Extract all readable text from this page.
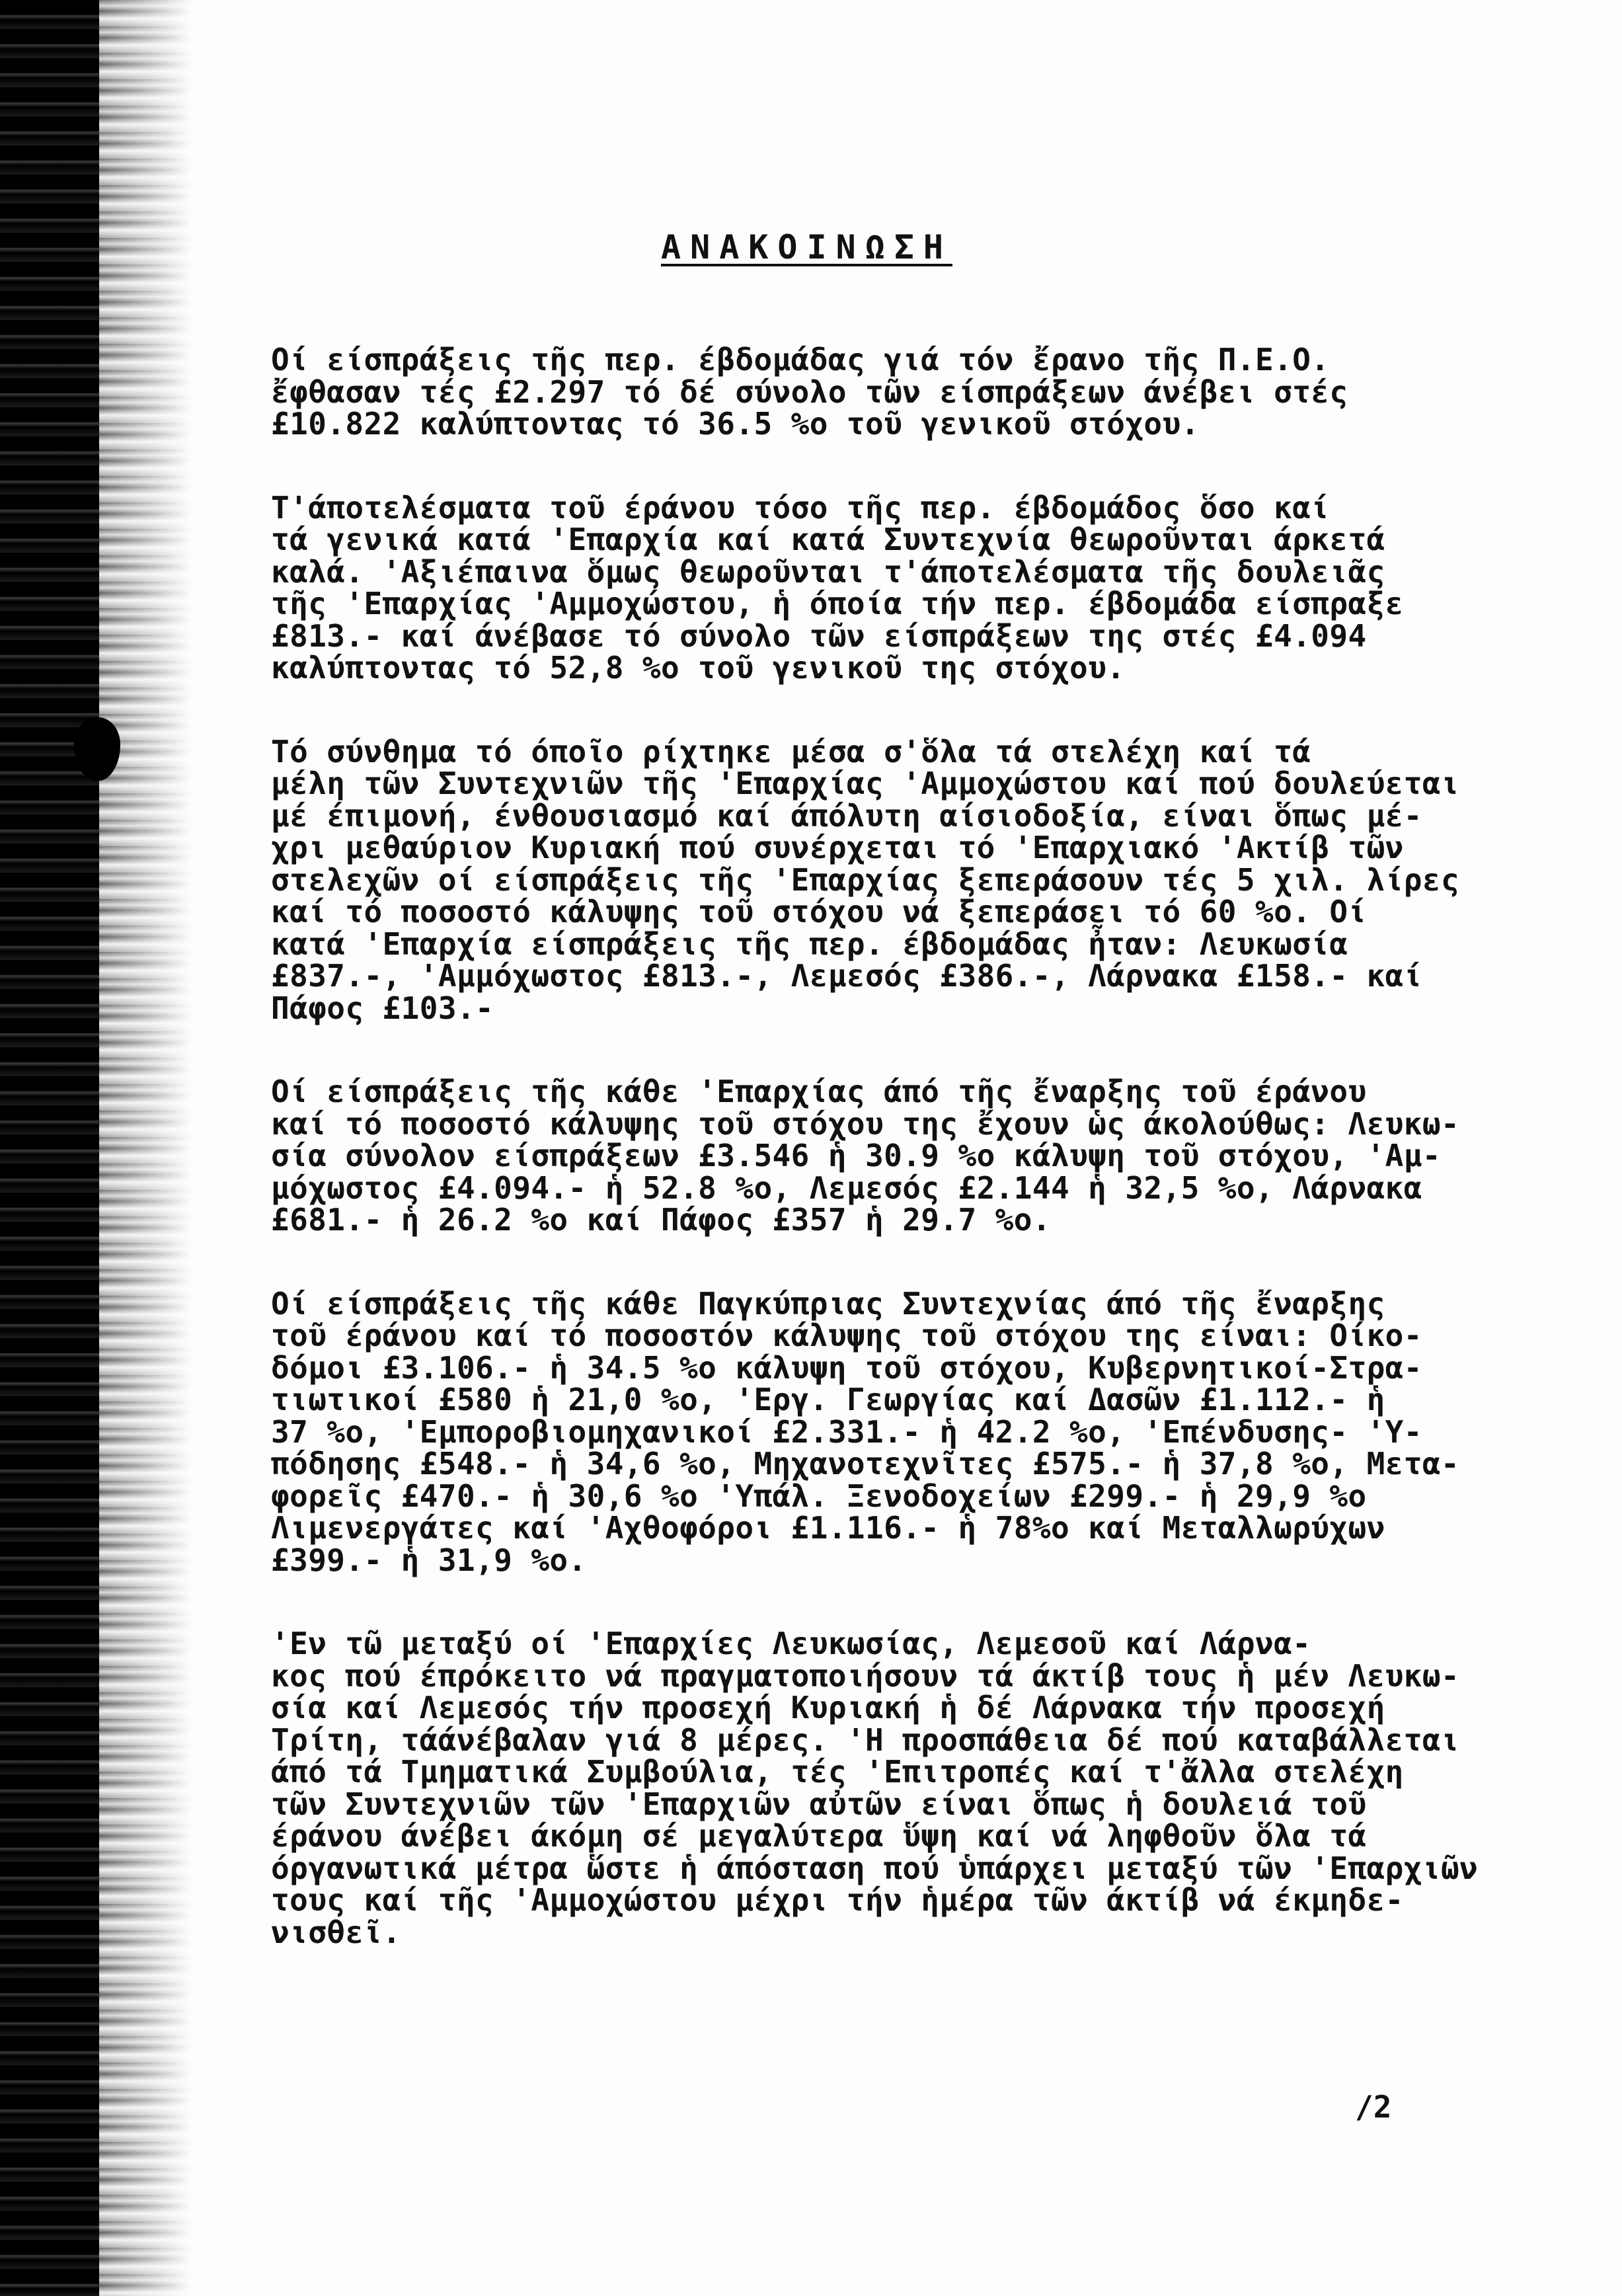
ΑΝΑΚΟΙΝΩΣΗ
Οί είσπράξεις τῆς περ. έβδομάδας γιά τόν ἔρανο τῆς Π.Ε.Ο.
ἔφθασαν τές £2.297 τό δέ σύνολο τῶν είσπράξεων άνέβει στές
£10.822 καλύπτοντας τό 36.5 %ο τοῦ γενικοῦ στόχου.
Τ'άποτελέσματα τοῦ έράνου τόσο τῆς περ. έβδομάδος ὅσο καί
τά γενικά κατά 'Επαρχία καί κατά Συντεχνία θεωροῦνται άρκετά
καλά. 'Αξιέπαινα ὅμως θεωροῦνται τ'άποτελέσματα τῆς δουλειᾶς
τῆς 'Επαρχίας 'Αμμοχώστου, ἡ όποία τήν περ. έβδομάδα είσπραξε
£813.- καί άνέβασε τό σύνολο τῶν είσπράξεων της στές £4.094
καλύπτοντας τό 52,8 %ο τοῦ γενικοῦ της στόχου.
Τό σύνθημα τό όποῖο ρίχτηκε μέσα σ'ὅλα τά στελέχη καί τά
μέλη τῶν Συντεχνιῶν τῆς 'Επαρχίας 'Αμμοχώστου καί πού δουλεύεται
μέ έπιμονή, ένθουσιασμό καί άπόλυτη αίσιοδοξία, είναι ὅπως μέ-
χρι μεθαύριον Κυριακή πού συνέρχεται τό 'Επαρχιακό 'Ακτίβ τῶν
στελεχῶν οί είσπράξεις τῆς 'Επαρχίας ξεπεράσουν τές 5 χιλ. λίρες
καί τό ποσοστό κάλυψης τοῦ στόχου νά ξεπεράσει τό 60 %ο. Οί
κατά 'Επαρχία είσπράξεις τῆς περ. έβδομάδας ἦταν: Λευκωσία
£837.-, 'Αμμόχωστος £813.-, Λεμεσός £386.-, Λάρνακα £158.- καί
Πάφος £103.-
Οί είσπράξεις τῆς κάθε 'Επαρχίας άπό τῆς ἔναρξης τοῦ έράνου
καί τό ποσοστό κάλυψης τοῦ στόχου της ἔχουν ὡς άκολούθως: Λευκω-
σία σύνολον είσπράξεων £3.546 ἡ 30.9 %ο κάλυψη τοῦ στόχου, 'Αμ-
μόχωστος £4.094.- ἡ 52.8 %ο, Λεμεσός £2.144 ἡ 32,5 %ο, Λάρνακα
£681.- ἡ 26.2 %ο καί Πάφος £357 ἡ 29.7 %ο.
Οί είσπράξεις τῆς κάθε Παγκύπριας Συντεχνίας άπό τῆς ἔναρξης
τοῦ έράνου καί τό ποσοστόν κάλυψης τοῦ στόχου της είναι: Οίκο-
δόμοι £3.106.- ἡ 34.5 %ο κάλυψη τοῦ στόχου, Κυβερνητικοί-Στρα-
τιωτικοί £580 ἡ 21,0 %ο, 'Εργ. Γεωργίας καί Δασῶν £1.112.- ἡ
37 %ο, 'Εμποροβιομηχανικοί £2.331.- ἡ 42.2 %ο, 'Επένδυσης- 'Υ-
πόδησης £548.- ἡ 34,6 %ο, Μηχανοτεχνῖτες £575.- ἡ 37,8 %ο, Μετα-
φορεῖς £470.- ἡ 30,6 %ο 'Υπάλ. Ξενοδοχείων £299.- ἡ 29,9 %ο
Λιμενεργάτες καί 'Αχθοφόροι £1.116.- ἡ 78%ο καί Μεταλλωρύχων
£399.- ἡ 31,9 %ο.
'Εν τῶ μεταξύ οί 'Επαρχίες Λευκωσίας, Λεμεσοῦ καί Λάρνα-
κος πού έπρόκειτο νά πραγματοποιήσουν τά άκτίβ τους ἡ μέν Λευκω-
σία καί Λεμεσός τήν προσεχή Κυριακή ἡ δέ Λάρνακα τήν προσεχή
Τρίτη, τάάνέβαλαν γιά 8 μέρες. 'Η προσπάθεια δέ πού καταβάλλεται
άπό τά Τμηματικά Συμβούλια, τές 'Επιτροπές καί τ'ἄλλα στελέχη
τῶν Συντεχνιῶν τῶν 'Επαρχιῶν αὐτῶν είναι ὅπως ἡ δουλειά τοῦ
έράνου άνέβει άκόμη σέ μεγαλύτερα ὕψη καί νά ληφθοῦν ὅλα τά
όργανωτικά μέτρα ὥστε ἡ άπόσταση πού ὑπάρχει μεταξύ τῶν 'Επαρχιῶν
τους καί τῆς 'Αμμοχώστου μέχρι τήν ἡμέρα τῶν άκτίβ νά έκμηδε-
νισθεῖ.
/2
